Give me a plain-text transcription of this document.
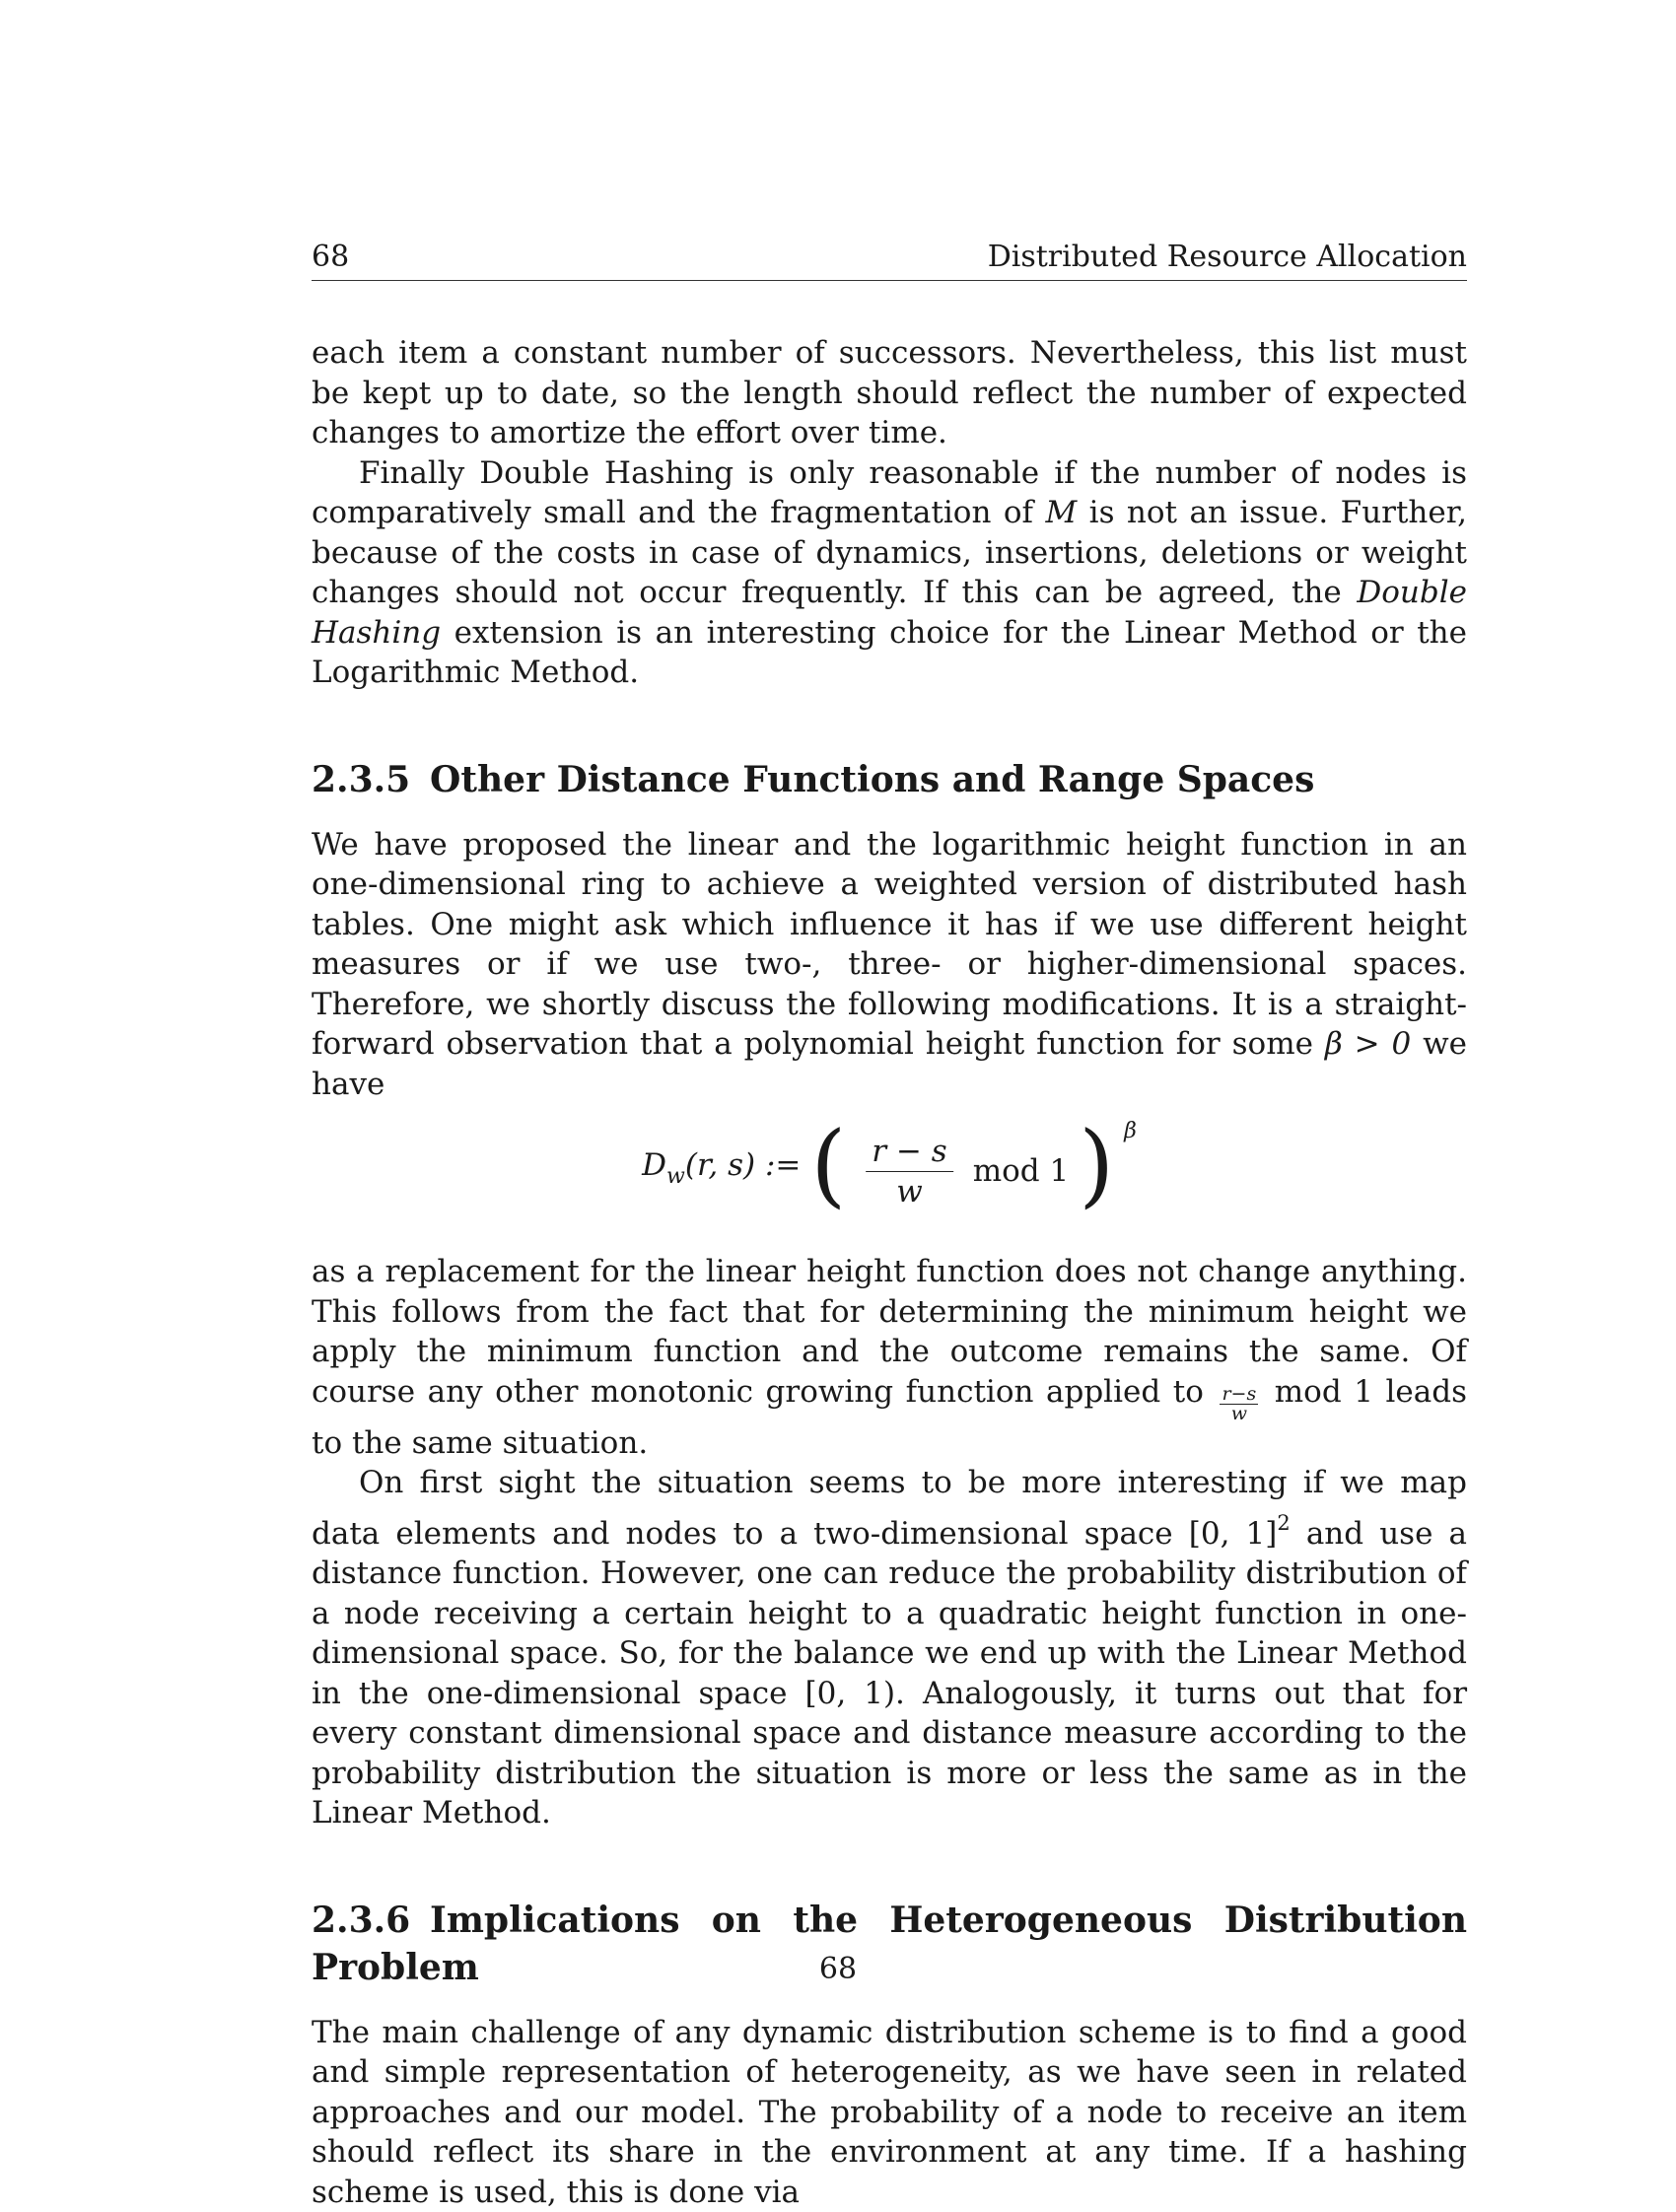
68	Distributed Resource Allocation

each item a constant number of successors. Nevertheless, this list must be kept up to date, so the length should reflect the number of expected changes to amortize the effort over time.

Finally Double Hashing is only reasonable if the number of nodes is comparatively small and the fragmentation of M is not an issue. Further, because of the costs in case of dynamics, insertions, deletions or weight changes should not occur frequently. If this can be agreed, the Double Hashing extension is an interesting choice for the Linear Method or the Logarithmic Method.

2.3.5 Other Distance Functions and Range Spaces

We have proposed the linear and the logarithmic height function in an one-dimensional ring to achieve a weighted version of distributed hash tables. One might ask which influence it has if we use different height measures or if we use two-, three- or higher-dimensional spaces. Therefore, we shortly discuss the following modifications. It is a straight-forward observation that a polynomial height function for some β > 0 we have

$D_w(r$, s) := ( $\frac{r - s}{w}$ mod 1 ) β

as a replacement for the linear height function does not change anything. This follows from the fact that for determining the minimum height we apply the minimum function and the outcome remains the same. Of course any other monotonic growing function applied to $\frac{r-s}{w}$ mod 1 leads to the same situation.

On first sight the situation seems to be more interesting if we map data elements and nodes to a two-dimensional space [0, 1]$^2$ and use a distance function. However, one can reduce the probability distribution of a node receiving a certain height to a quadratic height function in one-dimensional space. So, for the balance we end up with the Linear Method in the one-dimensional space [0, 1). Analogously, it turns out that for every constant dimensional space and distance measure according to the probability distribution the situation is more or less the same as in the Linear Method.

2.3.6 Implications on the Heterogeneous Distribution Problem

The main challenge of any dynamic distribution scheme is to find a good and simple representation of heterogeneity, as we have seen in related approaches and our model. The probability of a node to receive an item should reflect its share in the environment at any time. If a hashing scheme is used, this is done via

68
